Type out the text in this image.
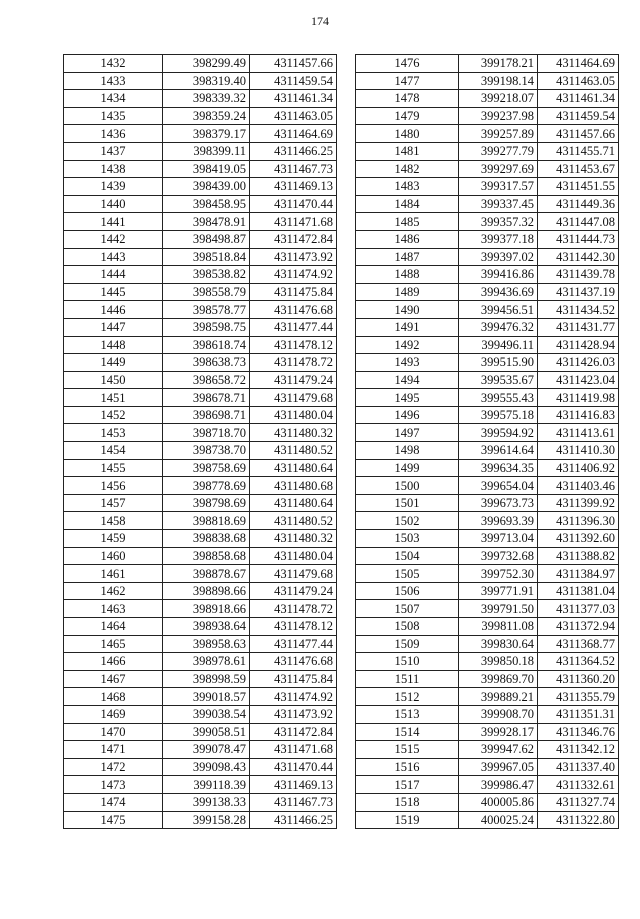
174
1432	398299.49	4311457.66
1433	398319.40	4311459.54
1434	398339.32	4311461.34
1435	398359.24	4311463.05
1436	398379.17	4311464.69
1437	398399.11	4311466.25
1438	398419.05	4311467.73
1439	398439.00	4311469.13
1440	398458.95	4311470.44
1441	398478.91	4311471.68
1442	398498.87	4311472.84
1443	398518.84	4311473.92
1444	398538.82	4311474.92
1445	398558.79	4311475.84
1446	398578.77	4311476.68
1447	398598.75	4311477.44
1448	398618.74	4311478.12
1449	398638.73	4311478.72
1450	398658.72	4311479.24
1451	398678.71	4311479.68
1452	398698.71	4311480.04
1453	398718.70	4311480.32
1454	398738.70	4311480.52
1455	398758.69	4311480.64
1456	398778.69	4311480.68
1457	398798.69	4311480.64
1458	398818.69	4311480.52
1459	398838.68	4311480.32
1460	398858.68	4311480.04
1461	398878.67	4311479.68
1462	398898.66	4311479.24
1463	398918.66	4311478.72
1464	398938.64	4311478.12
1465	398958.63	4311477.44
1466	398978.61	4311476.68
1467	398998.59	4311475.84
1468	399018.57	4311474.92
1469	399038.54	4311473.92
1470	399058.51	4311472.84
1471	399078.47	4311471.68
1472	399098.43	4311470.44
1473	399118.39	4311469.13
1474	399138.33	4311467.73
1475	399158.28	4311466.25
1476	399178.21	4311464.69
1477	399198.14	4311463.05
1478	399218.07	4311461.34
1479	399237.98	4311459.54
1480	399257.89	4311457.66
1481	399277.79	4311455.71
1482	399297.69	4311453.67
1483	399317.57	4311451.55
1484	399337.45	4311449.36
1485	399357.32	4311447.08
1486	399377.18	4311444.73
1487	399397.02	4311442.30
1488	399416.86	4311439.78
1489	399436.69	4311437.19
1490	399456.51	4311434.52
1491	399476.32	4311431.77
1492	399496.11	4311428.94
1493	399515.90	4311426.03
1494	399535.67	4311423.04
1495	399555.43	4311419.98
1496	399575.18	4311416.83
1497	399594.92	4311413.61
1498	399614.64	4311410.30
1499	399634.35	4311406.92
1500	399654.04	4311403.46
1501	399673.73	4311399.92
1502	399693.39	4311396.30
1503	399713.04	4311392.60
1504	399732.68	4311388.82
1505	399752.30	4311384.97
1506	399771.91	4311381.04
1507	399791.50	4311377.03
1508	399811.08	4311372.94
1509	399830.64	4311368.77
1510	399850.18	4311364.52
1511	399869.70	4311360.20
1512	399889.21	4311355.79
1513	399908.70	4311351.31
1514	399928.17	4311346.76
1515	399947.62	4311342.12
1516	399967.05	4311337.40
1517	399986.47	4311332.61
1518	400005.86	4311327.74
1519	400025.24	4311322.80
